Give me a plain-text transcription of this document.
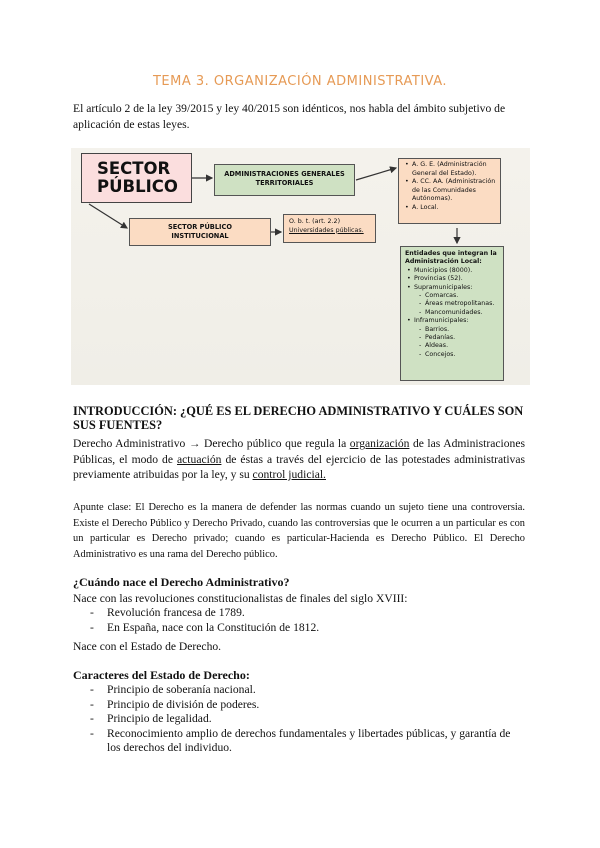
TEMA 3. ORGANIZACIÓN ADMINISTRATIVA.
El artículo 2 de la ley 39/2015 y ley 40/2015 son idénticos, nos habla del ámbito subjetivo de aplicación de estas leyes.
SECTOR
PÚBLICO
ADMINISTRACIONES GENERALES
TERRITORIALES
SECTOR PÚBLICO
INSTITUCIONAL
• A. G. E. (Administración General del Estado).
• A. CC. AA. (Administración de las Comunidades Autónomas).
• A. Local.
O. b. t. (art. 2.2)
Universidades públicas.
Entidades que integran la Administración Local:
• Municipios (8000).
• Provincias (52).
• Supramunicipales:
- Comarcas.
- Áreas metropolitanas.
- Mancomunidades.
• Inframunicipales:
- Barrios.
- Pedanías.
- Aldeas.
- Concejos.
INTRODUCCIÓN: ¿QUÉ ES EL DERECHO ADMINISTRATIVO Y CUÁLES SON SUS FUENTES?
Derecho Administrativo → Derecho público que regula la organización de las Administraciones Públicas, el modo de actuación de éstas a través del ejercicio de las potestades administrativas previamente atribuidas por la ley, y su control judicial.
Apunte clase: El Derecho es la manera de defender las normas cuando un sujeto tiene una controversia. Existe el Derecho Público y Derecho Privado, cuando las controversias que le ocurren a un particular es con un particular es Derecho privado; cuando es particular-Hacienda es Derecho Público. El Derecho Administrativo es una rama del Derecho público.
¿Cuándo nace el Derecho Administrativo?
Nace con las revoluciones constitucionalistas de finales del siglo XVIII:
- Revolución francesa de 1789.
- En España, nace con la Constitución de 1812.
Nace con el Estado de Derecho.
Caracteres del Estado de Derecho:
- Principio de soberanía nacional.
- Principio de división de poderes.
- Principio de legalidad.
- Reconocimiento amplio de derechos fundamentales y libertades públicas, y garantía de los derechos del individuo.
